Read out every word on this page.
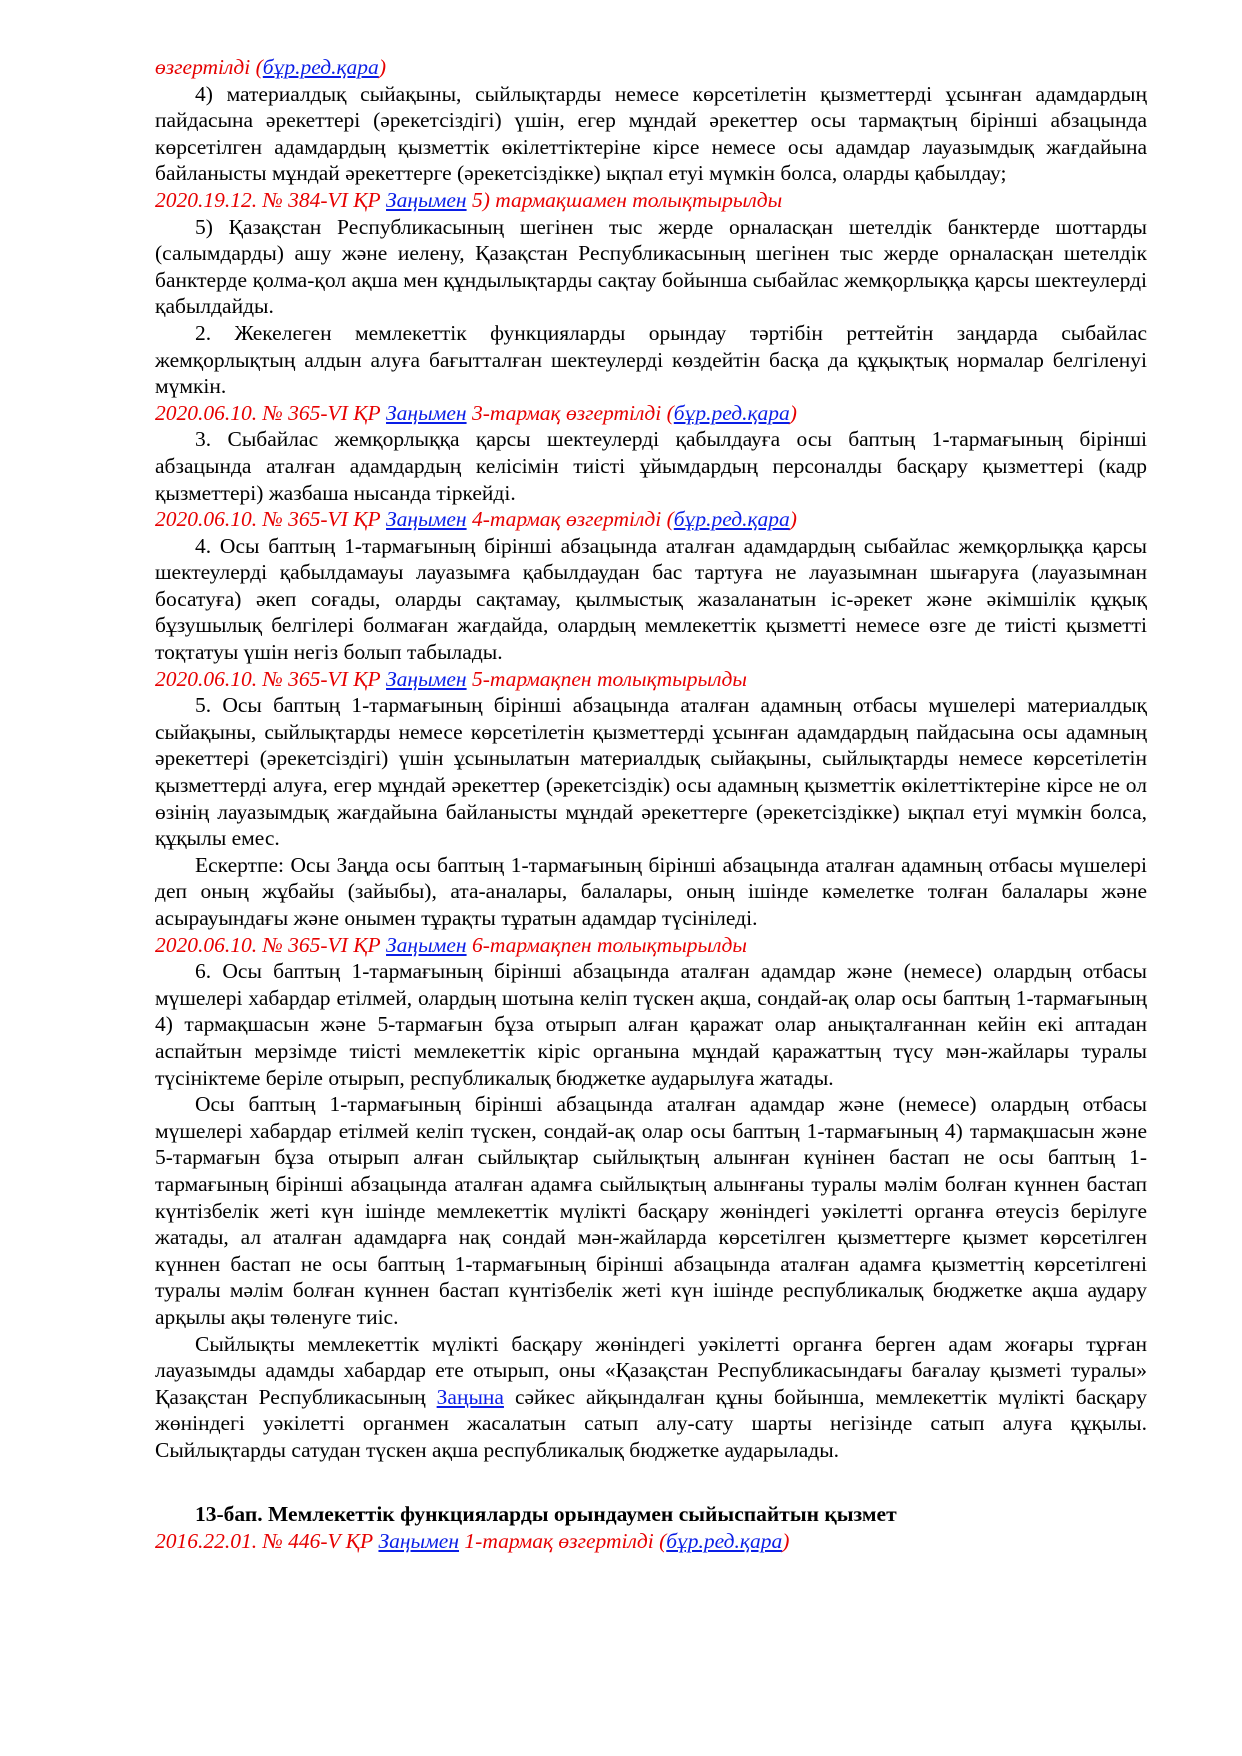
өзгертілді (бұр.ред.қара)

4) материалдық сыйақыны, сыйлықтарды немесе көрсетілетін қызметтерді ұсынған адамдардың пайдасына әрекеттері (әрекетсіздігі) үшін, егер мұндай әрекеттер осы тармақтың бірінші абзацында көрсетілген адамдардың қызметтік өкілеттіктеріне кірсе немесе осы адамдар лауазымдық жағдайына байланысты мұндай әрекеттерге (әрекетсіздікке) ықпал етуі мүмкін болса, оларды қабылдау;

2020.19.12. № 384-VI ҚР Заңымен 5) тармақшамен толықтырылды

5) Қазақстан Республикасының шегінен тыс жерде орналасқан шетелдік банктерде шоттарды (салымдарды) ашу және иелену, Қазақстан Республикасының шегінен тыс жерде орналасқан шетелдік банктерде қолма-қол ақша мен құндылықтарды сақтау бойынша сыбайлас жемқорлыққа қарсы шектеулерді қабылдайды.

2. Жекелеген мемлекеттік функцияларды орындау тәртібін реттейтін заңдарда сыбайлас жемқорлықтың алдын алуға бағытталған шектеулерді көздейтін басқа да құқықтық нормалар белгіленуі мүмкін.

2020.06.10. № 365-VI ҚР Заңымен 3-тармақ өзгертілді (бұр.ред.қара)

3. Сыбайлас жемқорлыққа қарсы шектеулерді қабылдауға осы баптың 1-тармағының бірінші абзацында аталған адамдардың келісімін тиісті ұйымдардың персоналды басқару қызметтері (кадр қызметтері) жазбаша нысанда тіркейді.

2020.06.10. № 365-VI ҚР Заңымен 4-тармақ өзгертілді (бұр.ред.қара)

4. Осы баптың 1-тармағының бірінші абзацында аталған адамдардың сыбайлас жемқорлыққа қарсы шектеулерді қабылдамауы лауазымға қабылдаудан бас тартуға не лауазымнан шығаруға (лауазымнан босатуға) әкеп соғады, оларды сақтамау, қылмыстық жазаланатын іс-әрекет және әкімшілік құқық бұзушылық белгілері болмаған жағдайда, олардың мемлекеттік қызметті немесе өзге де тиісті қызметті тоқтатуы үшін негіз болып табылады.

2020.06.10. № 365-VI ҚР Заңымен 5-тармақпен толықтырылды

5. Осы баптың 1-тармағының бірінші абзацында аталған адамның отбасы мүшелері материалдық сыйақыны, сыйлықтарды немесе көрсетілетін қызметтерді ұсынған адамдардың пайдасына осы адамның әрекеттері (әрекетсіздігі) үшін ұсынылатын материалдық сыйақыны, сыйлықтарды немесе көрсетілетін қызметтерді алуға, егер мұндай әрекеттер (әрекетсіздік) осы адамның қызметтік өкілеттіктеріне кірсе не ол өзінің лауазымдық жағдайына байланысты мұндай әрекеттерге (әрекетсіздікке) ықпал етуі мүмкін болса, құқылы емес.

Ескертпе: Осы Заңда осы баптың 1-тармағының бірінші абзацында аталған адамның отбасы мүшелері деп оның жұбайы (зайыбы), ата-аналары, балалары, оның ішінде кәмелетке толған балалары және асырауындағы және онымен тұрақты тұратын адамдар түсініледі.

2020.06.10. № 365-VI ҚР Заңымен 6-тармақпен толықтырылды

6. Осы баптың 1-тармағының бірінші абзацында аталған адамдар және (немесе) олардың отбасы мүшелері хабардар етілмей, олардың шотына келіп түскен ақша, сондай-ақ олар осы баптың 1-тармағының 4) тармақшасын және 5-тармағын бұза отырып алған қаражат олар анықталғаннан кейін екі аптадан аспайтын мерзімде тиісті мемлекеттік кіріс органына мұндай қаражаттың түсу мән-жайлары туралы түсініктеме беріле отырып, республикалық бюджетке аударылуға жатады.

Осы баптың 1-тармағының бірінші абзацында аталған адамдар және (немесе) олардың отбасы мүшелері хабардар етілмей келіп түскен, сондай-ақ олар осы баптың 1-тармағының 4) тармақшасын және 5-тармағын бұза отырып алған сыйлықтар сыйлықтың алынған күнінен бастап не осы баптың 1-тармағының бірінші абзацында аталған адамға сыйлықтың алынғаны туралы мәлім болған күннен бастап күнтізбелік жеті күн ішінде мемлекеттік мүлікті басқару жөніндегі уәкілетті органға өтеусіз берілуге жатады, ал аталған адамдарға нақ сондай мән-жайларда көрсетілген қызметтерге қызмет көрсетілген күннен бастап не осы баптың 1-тармағының бірінші абзацында аталған адамға қызметтің көрсетілгені туралы мәлім болған күннен бастап күнтізбелік жеті күн ішінде республикалық бюджетке ақша аудару арқылы ақы төленуге тиіс.

Сыйлықты мемлекеттік мүлікті басқару жөніндегі уәкілетті органға берген адам жоғары тұрған лауазымды адамды хабардар ете отырып, оны «Қазақстан Республикасындағы бағалау қызметі туралы» Қазақстан Республикасының Заңына сәйкес айқындалған құны бойынша, мемлекеттік мүлікті басқару жөніндегі уәкілетті органмен жасалатын сатып алу-сату шарты негізінде сатып алуға құқылы. Сыйлықтарды сатудан түскен ақша республикалық бюджетке аударылады.

13-бап. Мемлекеттік функцияларды орындаумен сыйыспайтын қызмет

2016.22.01. № 446-V ҚР Заңымен 1-тармақ өзгертілді (бұр.ред.қара)
